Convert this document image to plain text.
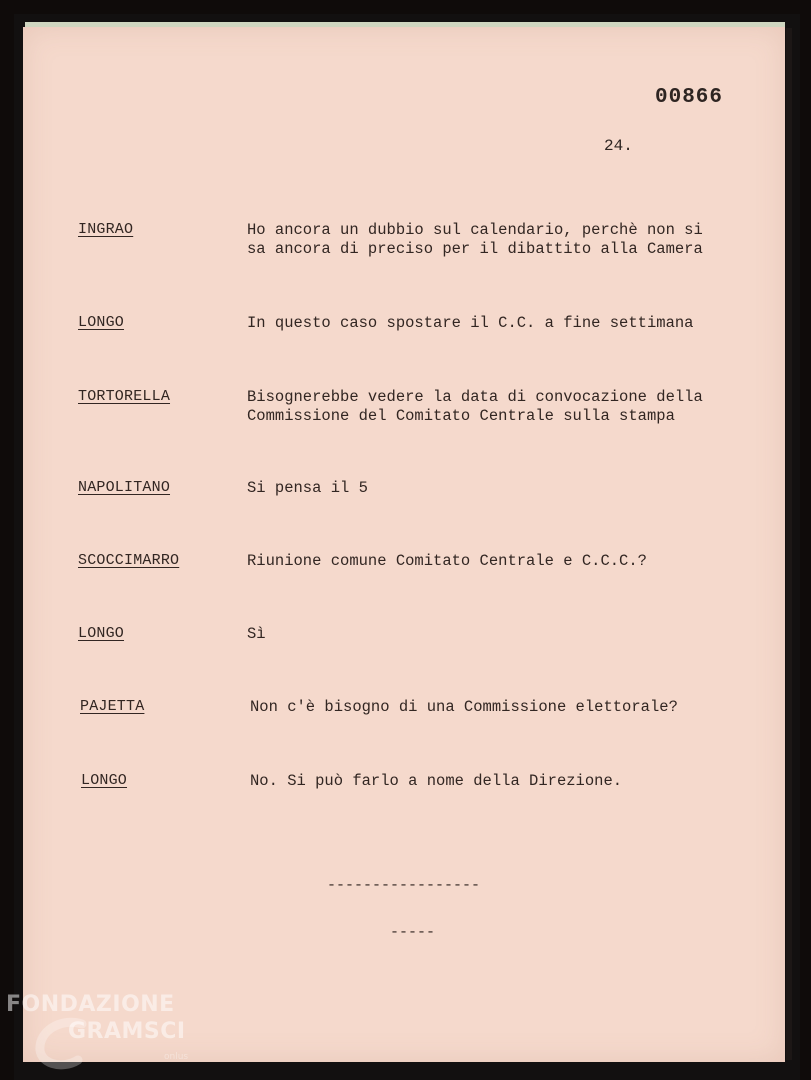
00866
24.
INGRAO	Ho ancora un dubbio sul calendario, perchè non si
sa ancora di preciso per il dibattito alla Camera
LONGO	In questo caso spostare il C.C. a fine settimana
TORTORELLA	Bisognerebbe vedere la data di convocazione della
Commissione del Comitato Centrale sulla stampa
NAPOLITANO	Si pensa il 5
SCOCCIMARRO	Riunione comune Comitato Centrale e C.C.C.?
LONGO	Sì
PAJETTA	Non c'è bisogno di una Commissione elettorale?
LONGO	No. Si può farlo a nome della Direzione.
-----------------
-----
FONDAZIONE
GRAMSCI
onlus
